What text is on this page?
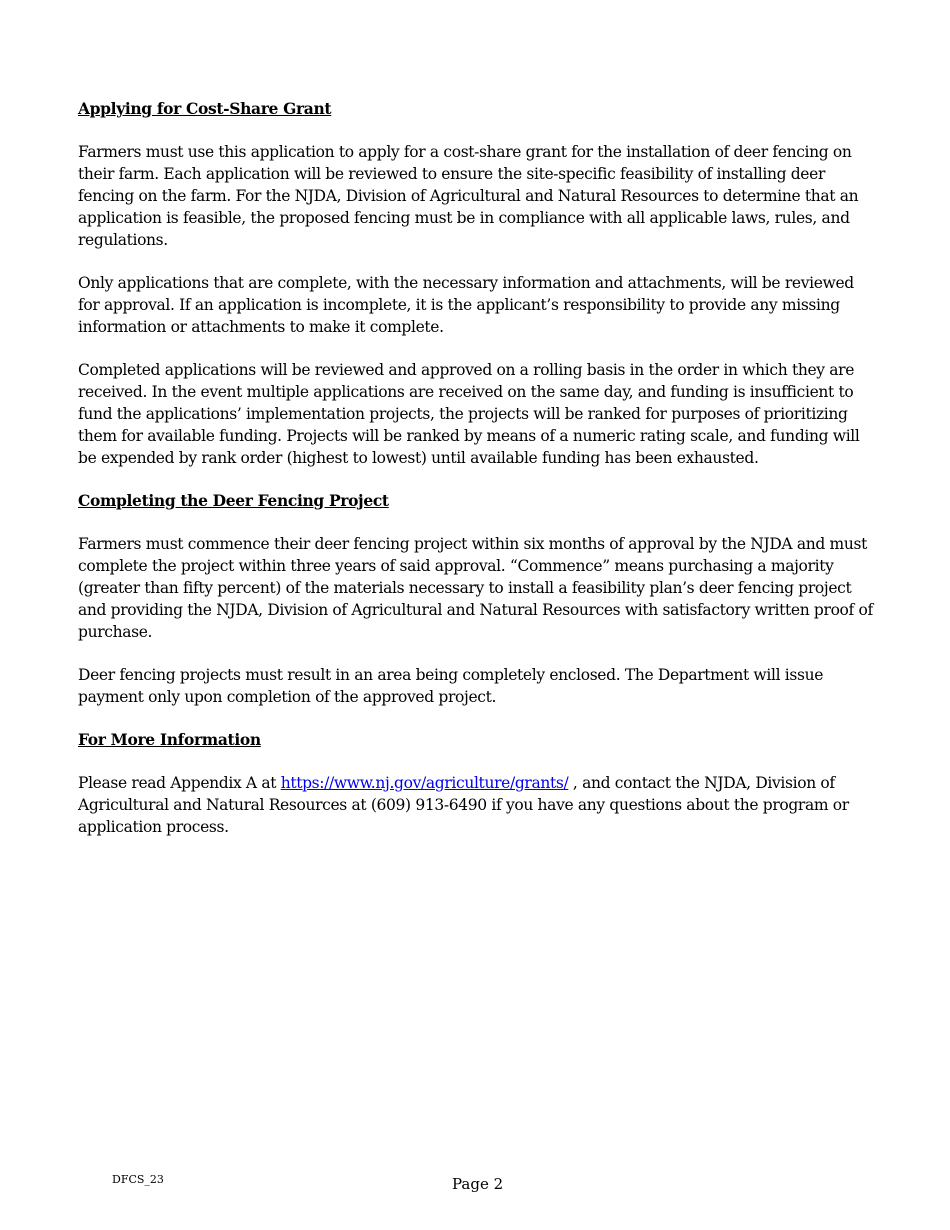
Applying for Cost-Share Grant

Farmers must use this application to apply for a cost-share grant for the installation of deer fencing on their farm. Each application will be reviewed to ensure the site-specific feasibility of installing deer fencing on the farm. For the NJDA, Division of Agricultural and Natural Resources to determine that an application is feasible, the proposed fencing must be in compliance with all applicable laws, rules, and regulations.

Only applications that are complete, with the necessary information and attachments, will be reviewed for approval. If an application is incomplete, it is the applicant’s responsibility to provide any missing information or attachments to make it complete.

Completed applications will be reviewed and approved on a rolling basis in the order in which they are received. In the event multiple applications are received on the same day, and funding is insufficient to fund the applications’ implementation projects, the projects will be ranked for purposes of prioritizing them for available funding. Projects will be ranked by means of a numeric rating scale, and funding will be expended by rank order (highest to lowest) until available funding has been exhausted.

Completing the Deer Fencing Project

Farmers must commence their deer fencing project within six months of approval by the NJDA and must complete the project within three years of said approval. “Commence” means purchasing a majority (greater than fifty percent) of the materials necessary to install a feasibility plan’s deer fencing project and providing the NJDA, Division of Agricultural and Natural Resources with satisfactory written proof of purchase.

Deer fencing projects must result in an area being completely enclosed. The Department will issue payment only upon completion of the approved project.

For More Information

Please read Appendix A at https://www.nj.gov/agriculture/grants/ , and contact the NJDA, Division of Agricultural and Natural Resources at (609) 913-6490 if you have any questions about the program or application process.

DFCS_23	Page 2
